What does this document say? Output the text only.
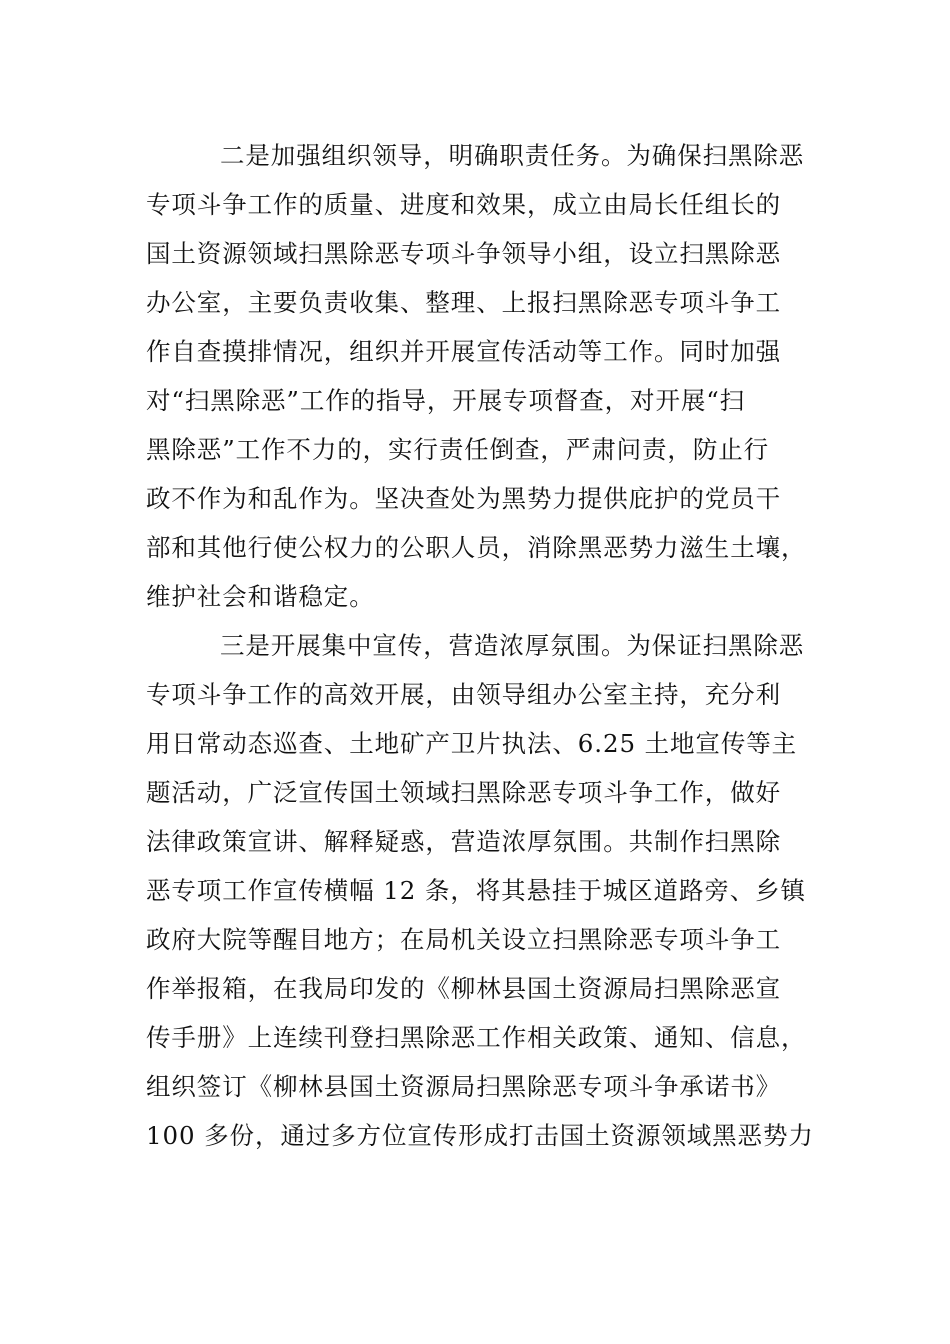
二是加强组织领导，明确职责任务。为确保扫黑除恶
专项斗争工作的质量、进度和效果，成立由局长任组长的
国土资源领域扫黑除恶专项斗争领导小组，设立扫黑除恶
办公室，主要负责收集、整理、上报扫黑除恶专项斗争工
作自查摸排情况，组织并开展宣传活动等工作。同时加强
对“扫黑除恶”工作的指导，开展专项督查，对开展“扫
黑除恶”工作不力的，实行责任倒查，严肃问责，防止行
政不作为和乱作为。坚决查处为黑势力提供庇护的党员干
部和其他行使公权力的公职人员，消除黑恶势力滋生土壤，
维护社会和谐稳定。

三是开展集中宣传，营造浓厚氛围。为保证扫黑除恶
专项斗争工作的高效开展，由领导组办公室主持，充分利
用日常动态巡查、土地矿产卫片执法、6.25 土地宣传等主
题活动，广泛宣传国土领域扫黑除恶专项斗争工作，做好
法律政策宣讲、解释疑惑，营造浓厚氛围。共制作扫黑除
恶专项工作宣传横幅 12 条，将其悬挂于城区道路旁、乡镇
政府大院等醒目地方；在局机关设立扫黑除恶专项斗争工
作举报箱，在我局印发的《柳林县国土资源局扫黑除恶宣
传手册》上连续刊登扫黑除恶工作相关政策、通知、信息，
组织签订《柳林县国土资源局扫黑除恶专项斗争承诺书》
100 多份，通过多方位宣传形成打击国土资源领域黑恶势力
